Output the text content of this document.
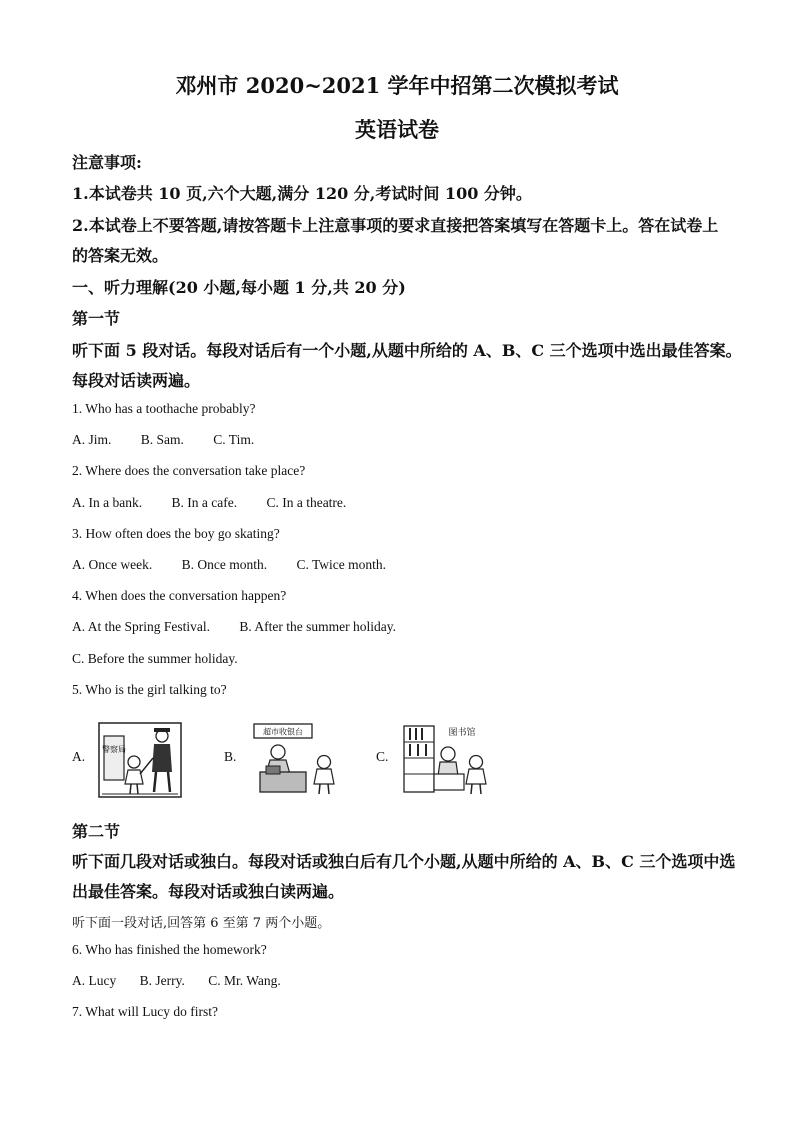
邓州市 2020~2021 学年中招第二次模拟考试
英语试卷
注意事项:
1.本试卷共 10 页,六个大题,满分 120 分,考试时间 100 分钟。
2.本试卷上不要答题,请按答题卡上注意事项的要求直接把答案填写在答题卡上。答在试卷上
的答案无效。
一、听力理解(20 小题,每小题 1 分,共 20 分)
第一节
听下面 5 段对话。每段对话后有一个小题,从题中所给的 A、B、C 三个选项中选出最佳答案。
每段对话读两遍。
1. Who has a toothache probably?
A. Jim. B. Sam. C. Tim.
2. Where does the conversation take place?
A. In a bank. B. In a cafe. C. In a theatre.
3. How often does the boy go skating?
A. Once week. B. Once month. C. Twice month.
4. When does the conversation happen?
A. At the Spring Festival. B. After the summer holiday.
C. Before the summer holiday.
5. Who is the girl talking to?
A.	B.	C.
警察局
超市收银台	图书馆
第二节
听下面几段对话或独白。每段对话或独白后有几个小题,从题中所给的 A、B、C 三个选项中选
出最佳答案。每段对话或独白读两遍。
听下面一段对话,回答第 6 至第 7 两个小题。
6. Who has finished the homework?
A. Lucy B. Jerry. C. Mr. Wang.
7. What will Lucy do first?
